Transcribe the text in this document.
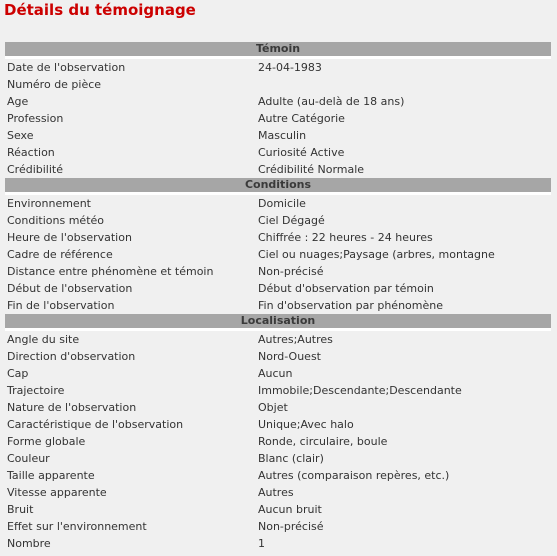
Détails du témoignage
Témoin
Date de l'observation	24-04-1983
Numéro de pièce
Age	Adulte (au-delà de 18 ans)
Profession	Autre Catégorie
Sexe	Masculin
Réaction	Curiosité Active
Crédibilité	Crédibilité Normale
Conditions
Environnement	Domicile
Conditions météo	Ciel Dégagé
Heure de l'observation	Chiffrée : 22 heures - 24 heures
Cadre de référence	Ciel ou nuages;Paysage (arbres, montagne
Distance entre phénomène et témoin	Non-précisé
Début de l'observation	Début d'observation par témoin
Fin de l'observation	Fin d'observation par phénomène
Localisation
Angle du site	Autres;Autres
Direction d'observation	Nord-Ouest
Cap	Aucun
Trajectoire	Immobile;Descendante;Descendante
Nature de l'observation	Objet
Caractéristique de l'observation	Unique;Avec halo
Forme globale	Ronde, circulaire, boule
Couleur	Blanc (clair)
Taille apparente	Autres (comparaison repères, etc.)
Vitesse apparente	Autres
Bruit	Aucun bruit
Effet sur l'environnement	Non-précisé
Nombre	1
